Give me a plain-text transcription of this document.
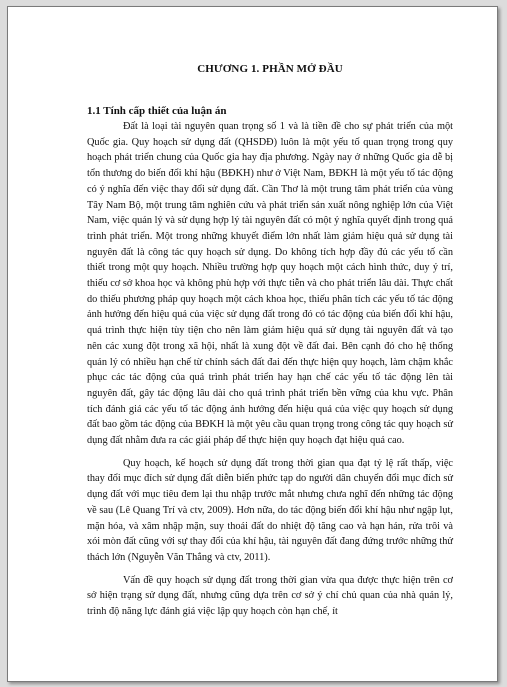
CHƯƠNG 1. PHẦN MỞ ĐẦU

1.1 Tính cấp thiết của luận án

Đất là loại tài nguyên quan trọng số 1 và là tiền đề cho sự phát triển của một Quốc gia. Quy hoạch sử dụng đất (QHSDĐ) luôn là một yếu tố quan trọng trong quy hoạch phát triển chung của Quốc gia hay địa phương. Ngày nay ở những Quốc gia dễ bị tổn thương do biến đổi khí hậu (BĐKH) như ở Việt Nam, BĐKH là một yếu tố tác động có ý nghĩa đến việc thay đổi sử dụng đất. Cần Thơ là một trung tâm phát triển của vùng Tây Nam Bộ, một trung tâm nghiên cứu và phát triển sản xuất nông nghiệp lớn của Việt Nam, việc quản lý và sử dụng hợp lý tài nguyên đất có một ý nghĩa quyết định trong quá trình phát triển. Một trong những khuyết điểm lớn nhất làm giảm hiệu quả sử dụng tài nguyên đất là công tác quy hoạch sử dụng. Do không tích hợp đầy đủ các yếu tố cần thiết trong một quy hoạch. Nhiều trường hợp quy hoạch một cách hình thức, duy ý trí, thiếu cơ sở khoa học và không phù hợp với thực tiễn và cho phát triển lâu dài. Thực chất do thiếu phương pháp quy hoạch một cách khoa học, thiếu phân tích các yếu tố tác động ảnh hưởng đến hiệu quả của việc sử dụng đất trong đó có tác động của biến đổi khí hậu, quá trình thực hiện tùy tiện cho nên làm giảm hiệu quả sử dụng tài nguyên đất và tạo nên các xung đột trong xã hội, nhất là xung đột về đất đai. Bên cạnh đó cho hệ thống quản lý có nhiều hạn chế từ chính sách đất đai đến thực hiện quy hoạch, làm chậm khắc phục các tác động của quá trình phát triển hay hạn chế các yếu tố tác động lên tài nguyên đất, gây tác động lâu dài cho quá trình phát triển bền vững của khu vực. Phân tích đánh giá các yếu tố tác động ảnh hưởng đến hiệu quả của việc quy hoạch sử dụng đất bao gồm tác động của BĐKH là một yêu cầu quan trọng trong công tác quy hoạch sử dụng đất nhằm đưa ra các giải pháp để thực hiện quy hoạch đạt hiệu quả cao.

Quy hoạch, kế hoạch sử dụng đất trong thời gian qua đạt tỷ lệ rất thấp, việc thay đổi mục đích sử dụng đất diễn biến phức tạp do người dân chuyển đổi mục đích sử dụng đất với mục tiêu đem lại thu nhập trước mắt nhưng chưa nghĩ đến những tác động về sau (Lê Quang Trí và ctv, 2009). Hơn nữa, do tác động biến đổi khí hậu như ngập lụt, mặn hóa, và xâm nhập mặn, suy thoái đất do nhiệt độ tăng cao và hạn hán, rửa trôi và xói mòn đất cũng với sự thay đổi của khí hậu, tài nguyên đất đang đứng trước những thử thách lớn (Nguyễn Văn Thắng và ctv, 2011).

Vấn đề quy hoạch sử dụng đất trong thời gian vừa qua được thực hiện trên cơ sở hiện trạng sử dụng đất, nhưng cũng dựa trên cơ sở ý chí chủ quan của nhà quản lý, trình độ năng lực đánh giá việc lập quy hoạch còn hạn chế, ít
